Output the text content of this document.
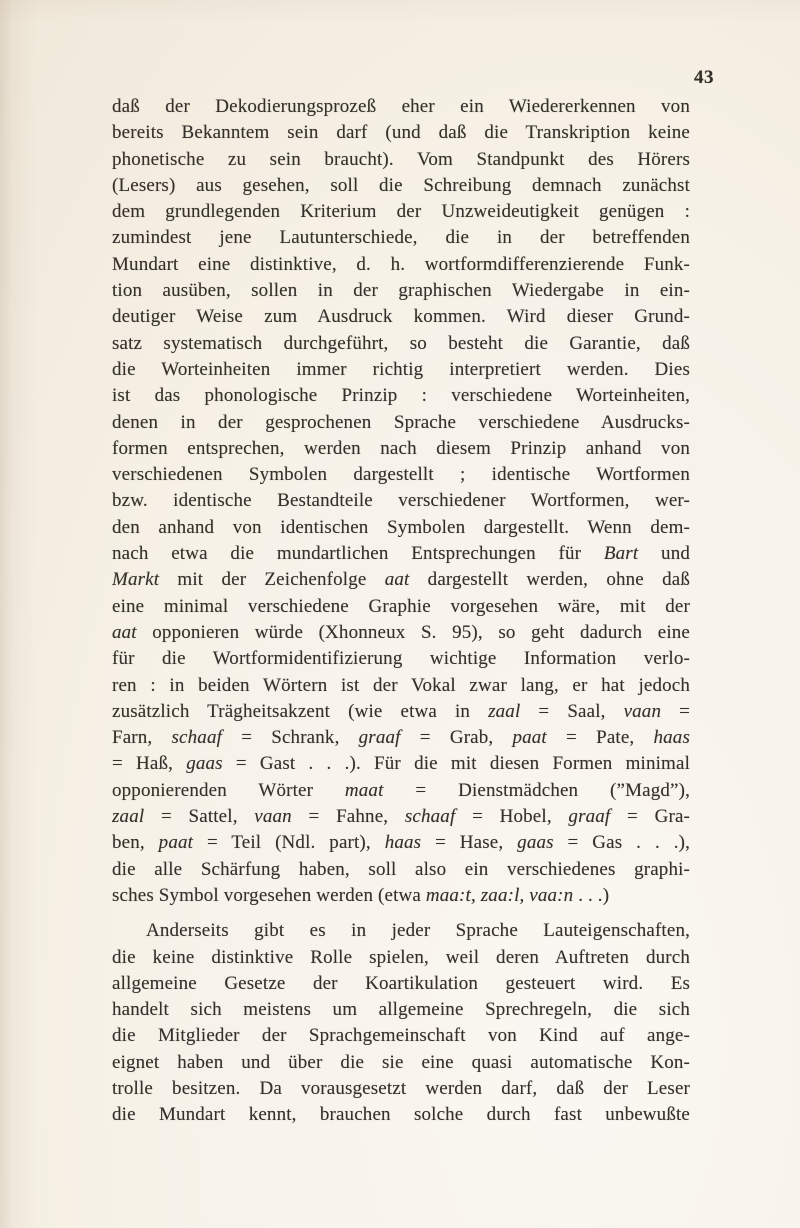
43
daß der Dekodierungsprozeß eher ein Wiedererkennen von
bereits Bekanntem sein darf (und daß die Transkription keine
phonetische zu sein braucht). Vom Standpunkt des Hörers
(Lesers) aus gesehen, soll die Schreibung demnach zunächst
dem grundlegenden Kriterium der Unzweideutigkeit genügen :
zumindest jene Lautunterschiede, die in der betreffenden
Mundart eine distinktive, d. h. wortformdifferenzierende Funk-
tion ausüben, sollen in der graphischen Wiedergabe in ein-
deutiger Weise zum Ausdruck kommen. Wird dieser Grund-
satz systematisch durchgeführt, so besteht die Garantie, daß
die Worteinheiten immer richtig interpretiert werden. Dies
ist das phonologische Prinzip : verschiedene Worteinheiten,
denen in der gesprochenen Sprache verschiedene Ausdrucks-
formen entsprechen, werden nach diesem Prinzip anhand von
verschiedenen Symbolen dargestellt ; identische Wortformen
bzw. identische Bestandteile verschiedener Wortformen, wer-
den anhand von identischen Symbolen dargestellt. Wenn dem-
nach etwa die mundartlichen Entsprechungen für Bart und
Markt mit der Zeichenfolge aat dargestellt werden, ohne daß
eine minimal verschiedene Graphie vorgesehen wäre, mit der
aat opponieren würde (Xhonneux S. 95), so geht dadurch eine
für die Wortformidentifizierung wichtige Information verlo-
ren : in beiden Wörtern ist der Vokal zwar lang, er hat jedoch
zusätzlich Trägheitsakzent (wie etwa in zaal = Saal, vaan =
Farn, schaaf = Schrank, graaf = Grab, paat = Pate, haas
= Haß, gaas = Gast . . .). Für die mit diesen Formen minimal
opponierenden Wörter maat = Dienstmädchen (”Magd”),
zaal = Sattel, vaan = Fahne, schaaf = Hobel, graaf = Gra-
ben, paat = Teil (Ndl. part), haas = Hase, gaas = Gas . . .),
die alle Schärfung haben, soll also ein verschiedenes graphi-
sches Symbol vorgesehen werden (etwa maa:t, zaa:l, vaa:n . . .)
Anderseits gibt es in jeder Sprache Lauteigenschaften,
die keine distinktive Rolle spielen, weil deren Auftreten durch
allgemeine Gesetze der Koartikulation gesteuert wird. Es
handelt sich meistens um allgemeine Sprechregeln, die sich
die Mitglieder der Sprachgemeinschaft von Kind auf ange-
eignet haben und über die sie eine quasi automatische Kon-
trolle besitzen. Da vorausgesetzt werden darf, daß der Leser
die Mundart kennt, brauchen solche durch fast unbewußte
